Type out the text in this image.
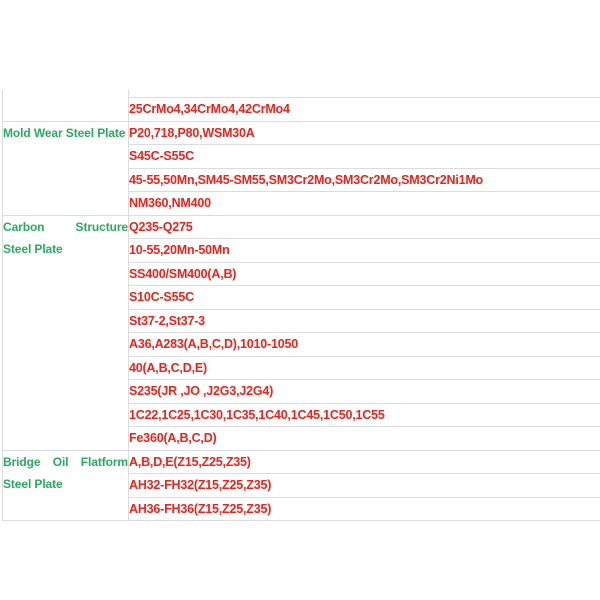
	25CrMo4,34CrMo4,42CrMo4
Mold Wear Steel Plate	P20,718,P80,WSM30A
	S45C-S55C
	45-55,50Mn,SM45-SM55,SM3Cr2Mo,SM3Cr2Mo,SM3Cr2Ni1Mo
	NM360,NM400
Carbon Structure Steel Plate	Q235-Q275
	10-55,20Mn-50Mn
	SS400/SM400(A,B)
	S10C-S55C
	St37-2,St37-3
	A36,A283(A,B,C,D),1010-1050
	40(A,B,C,D,E)
	S235(JR ,JO ,J2G3,J2G4)
	1C22,1C25,1C30,1C35,1C40,1C45,1C50,1C55
	Fe360(A,B,C,D)
Bridge Oil Flatform Steel Plate	A,B,D,E(Z15,Z25,Z35)
	AH32-FH32(Z15,Z25,Z35)
	AH36-FH36(Z15,Z25,Z35)
